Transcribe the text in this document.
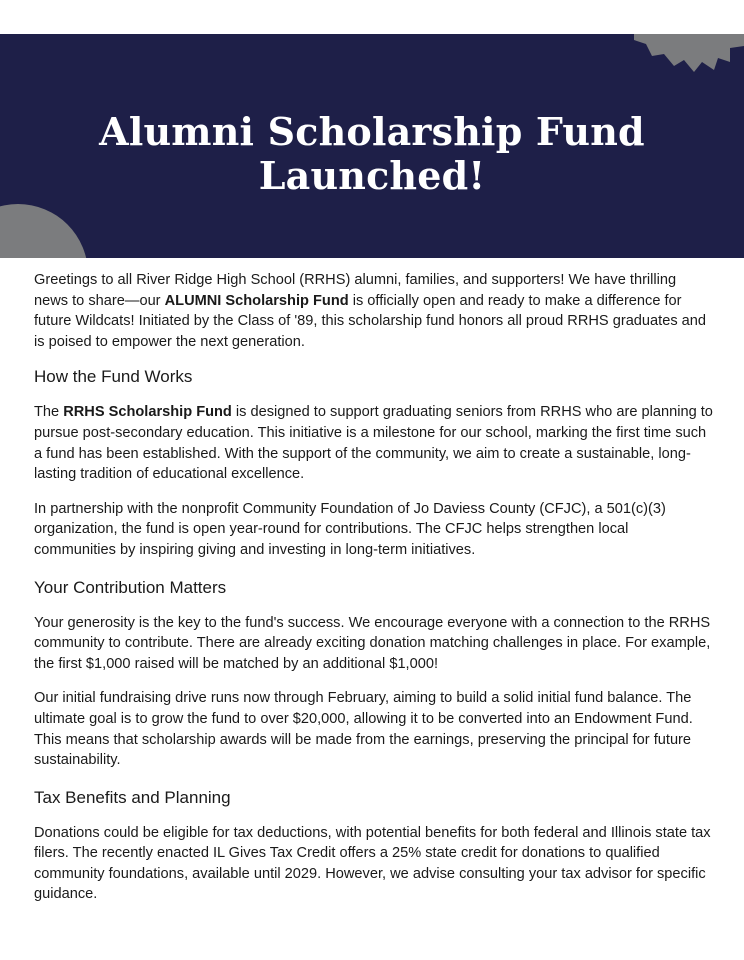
Alumni Scholarship Fund
Launched!

Greetings to all River Ridge High School (RRHS) alumni, families, and supporters! We have thrilling news to share—our ALUMNI Scholarship Fund is officially open and ready to make a difference for future Wildcats! Initiated by the Class of '89, this scholarship fund honors all proud RRHS graduates and is poised to empower the next generation.

How the Fund Works

The RRHS Scholarship Fund is designed to support graduating seniors from RRHS who are planning to pursue post-secondary education. This initiative is a milestone for our school, marking the first time such a fund has been established. With the support of the community, we aim to create a sustainable, long-lasting tradition of educational excellence.

In partnership with the nonprofit Community Foundation of Jo Daviess County (CFJC), a 501(c)(3) organization, the fund is open year-round for contributions. The CFJC helps strengthen local communities by inspiring giving and investing in long-term initiatives.

Your Contribution Matters

Your generosity is the key to the fund's success. We encourage everyone with a connection to the RRHS community to contribute. There are already exciting donation matching challenges in place. For example, the first $1,000 raised will be matched by an additional $1,000!

Our initial fundraising drive runs now through February, aiming to build a solid initial fund balance. The ultimate goal is to grow the fund to over $20,000, allowing it to be converted into an Endowment Fund. This means that scholarship awards will be made from the earnings, preserving the principal for future sustainability.

Tax Benefits and Planning

Donations could be eligible for tax deductions, with potential benefits for both federal and Illinois state tax filers. The recently enacted IL Gives Tax Credit offers a 25% state credit for donations to qualified community foundations, available until 2029. However, we advise consulting your tax advisor for specific guidance.
